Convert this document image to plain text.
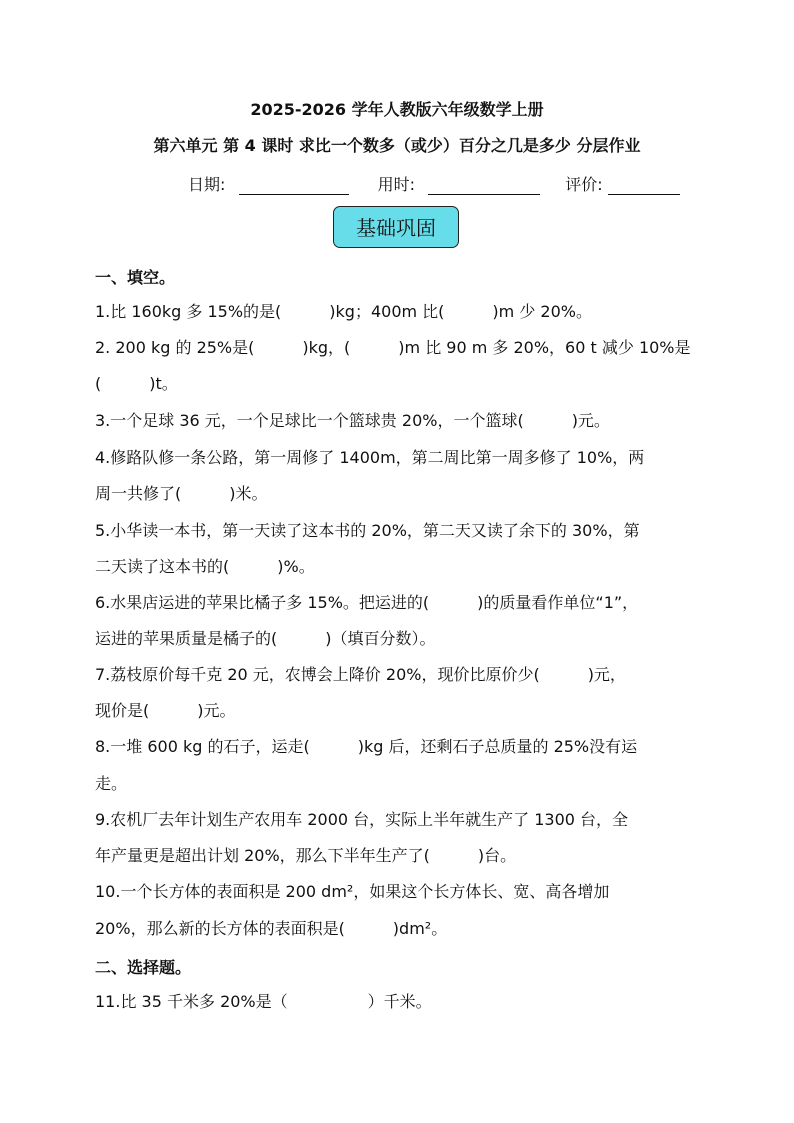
2025-2026 学年人教版六年级数学上册
第六单元 第 4 课时 求比一个数多（或少）百分之几是多少 分层作业
日期:	用时:	评价:
基础巩固
一、填空。
1.比 160kg 多 15%的是(　　　)kg；400m 比(　　　)m 少 20%。
2. 200 kg 的 25%是(　　　)kg，(　　　)m 比 90 m 多 20%，60 t 减少 10%是
(　　　)t。
3.一个足球 36 元，一个足球比一个篮球贵 20%，一个篮球(　　　)元。
4.修路队修一条公路，第一周修了 1400m，第二周比第一周多修了 10%，两
周一共修了(　　　)米。
5.小华读一本书，第一天读了这本书的 20%，第二天又读了余下的 30%，第
二天读了这本书的(　　　)%。
6.水果店运进的苹果比橘子多 15%。把运进的(　　　)的质量看作单位“1”，
运进的苹果质量是橘子的(　　　)（填百分数）。
7.荔枝原价每千克 20 元，农博会上降价 20%，现价比原价少(　　　)元，
现价是(　　　)元。
8.一堆 600 kg 的石子，运走(　　　)kg 后，还剩石子总质量的 25%没有运
走。
9.农机厂去年计划生产农用车 2000 台，实际上半年就生产了 1300 台，全
年产量更是超出计划 20%，那么下半年生产了(　　　)台。
10.一个长方体的表面积是 200 dm²，如果这个长方体长、宽、高各增加
20%，那么新的长方体的表面积是(　　　)dm²。
二、选择题。
11.比 35 千米多 20%是（　　　　　）千米。
